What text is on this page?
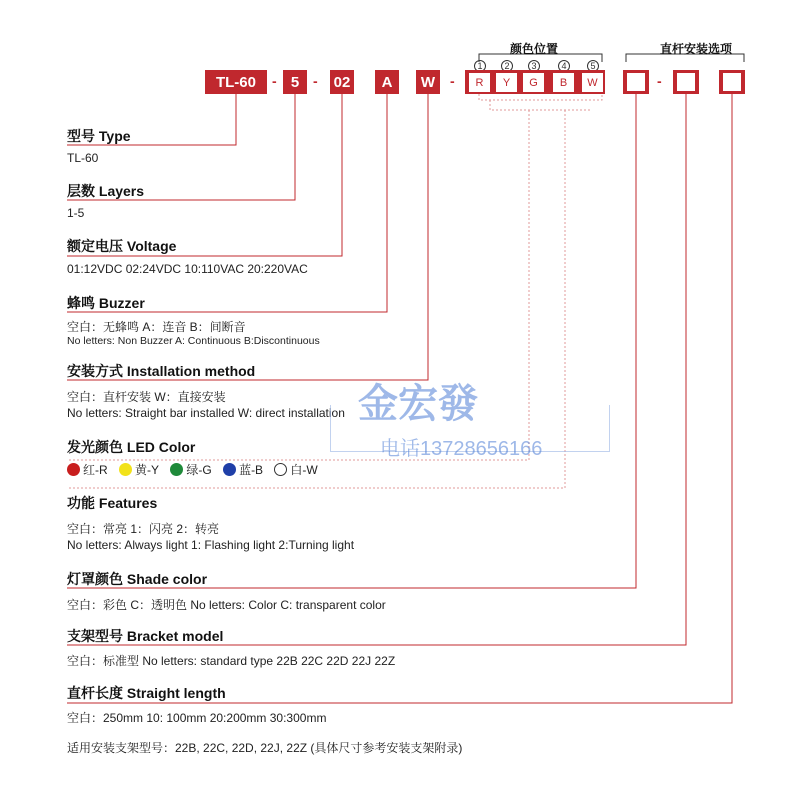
颜色位置	直杆安装选项
1	2	3	4	5
TL-60	- 5 - 02	A	W	-	R	Y	G	B	W	-
型号 Type
TL-60
层数 Layers
1-5
额定电压 Voltage
01:12VDC 02:24VDC 10:110VAC 20:220VAC
蜂鸣 Buzzer
空白：无蜂鸣 A：连音 B：间断音
No letters: Non Buzzer A: Continuous B:Discontinuous
安装方式 Installation method
空白：直杆安装 W：直接安装
No letters: Straight bar installed W: direct installation
发光颜色 LED Color
红-R 黄-Y 绿-G 蓝-B 白-W
功能 Features
空白：常亮 1：闪亮 2：转亮
No letters: Always light 1: Flashing light 2:Turning light
灯罩颜色 Shade color
空白：彩色 C：透明色 No letters: Color C: transparent color
支架型号 Bracket model
空白：标准型 No letters: standard type 22B 22C 22D 22J 22Z
直杆长度 Straight length
空白：250mm 10: 100mm 20:200mm 30:300mm
适用安装支架型号：22B, 22C, 22D, 22J, 22Z (具体尺寸参考安装支架附录)
金宏發
电话13728656166
